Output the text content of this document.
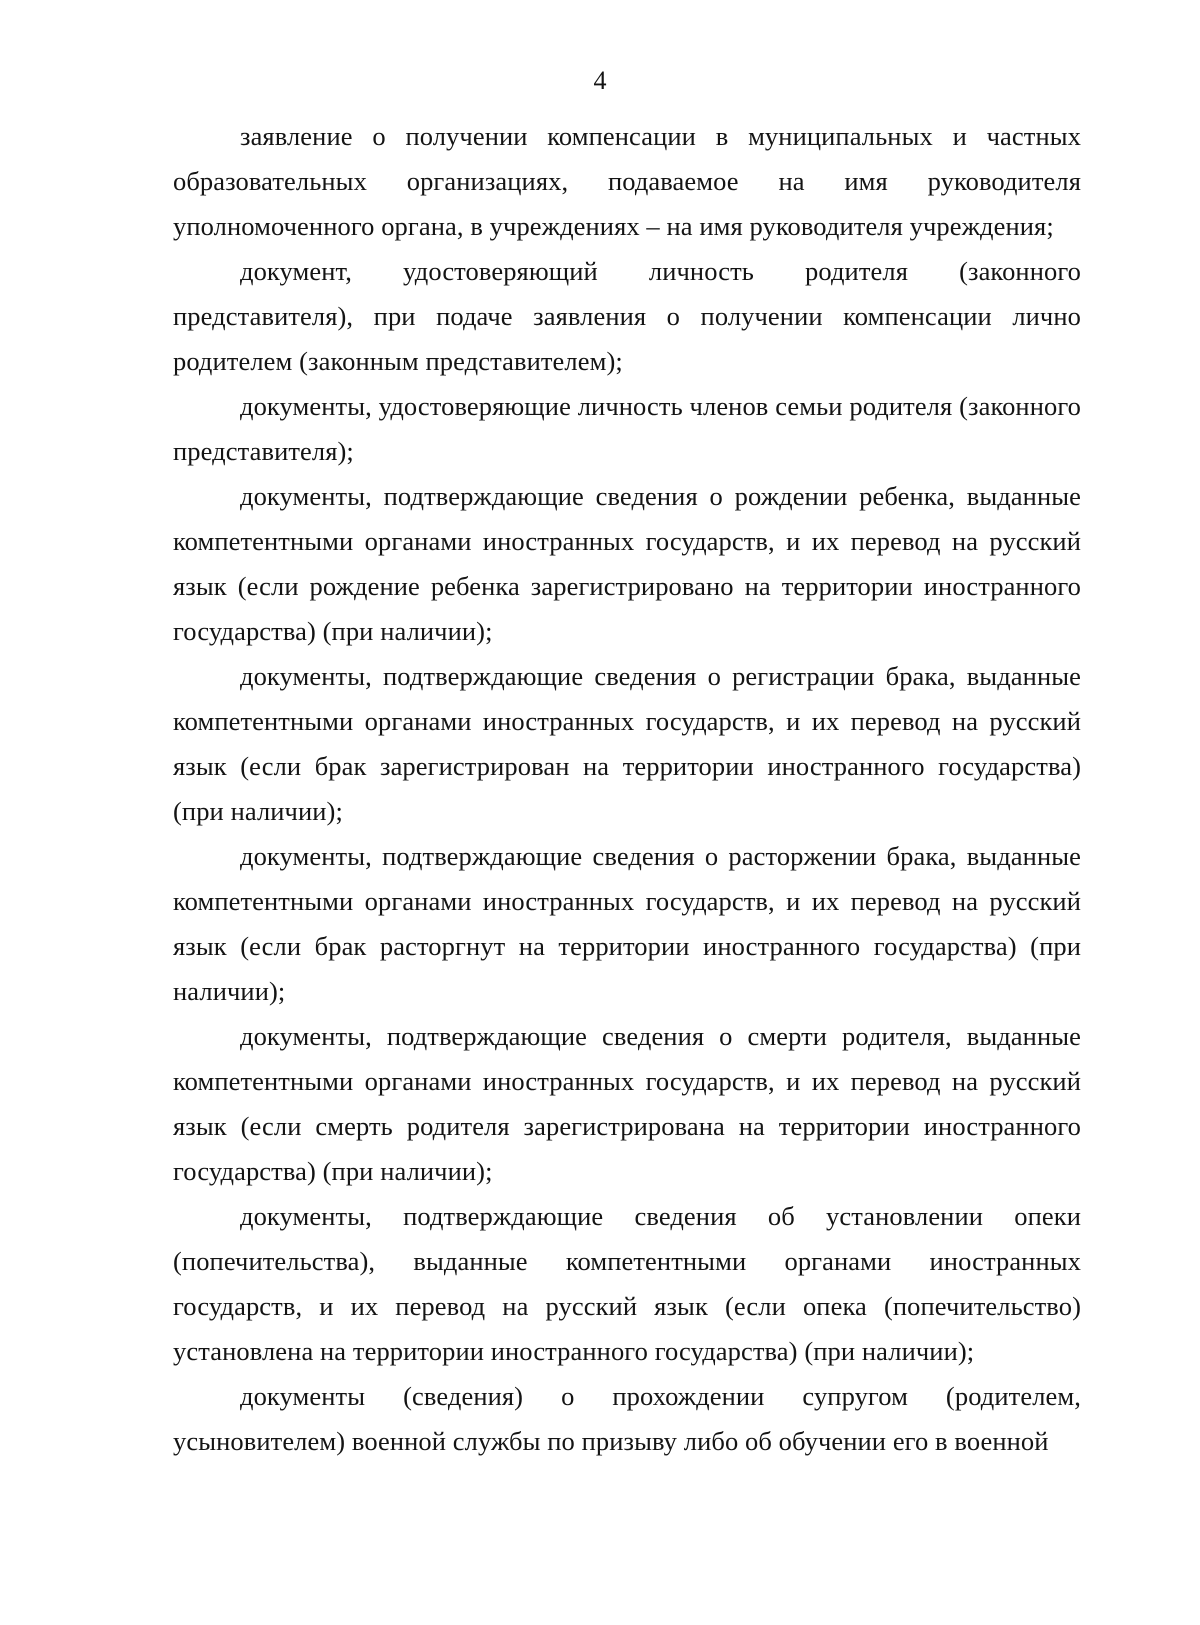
4

заявление о получении компенсации в муниципальных и частных образовательных организациях, подаваемое на имя руководителя уполномоченного органа, в учреждениях – на имя руководителя учреждения;

документ, удостоверяющий личность родителя (законного представителя), при подаче заявления о получении компенсации лично родителем (законным представителем);

документы, удостоверяющие личность членов семьи родителя (законного представителя);

документы, подтверждающие сведения о рождении ребенка, выданные компетентными органами иностранных государств, и их перевод на русский язык (если рождение ребенка зарегистрировано на территории иностранного государства) (при наличии);

документы, подтверждающие сведения о регистрации брака, выданные компетентными органами иностранных государств, и их перевод на русский язык (если брак зарегистрирован на территории иностранного государства) (при наличии);

документы, подтверждающие сведения о расторжении брака, выданные компетентными органами иностранных государств, и их перевод на русский язык (если брак расторгнут на территории иностранного государства) (при наличии);

документы, подтверждающие сведения о смерти родителя, выданные компетентными органами иностранных государств, и их перевод на русский язык (если смерть родителя зарегистрирована на территории иностранного государства) (при наличии);

документы, подтверждающие сведения об установлении опеки (попечительства), выданные компетентными органами иностранных государств, и их перевод на русский язык (если опека (попечительство) установлена на территории иностранного государства) (при наличии);

документы (сведения) о прохождении супругом (родителем, усыновителем) военной службы по призыву либо об обучении его в военной
